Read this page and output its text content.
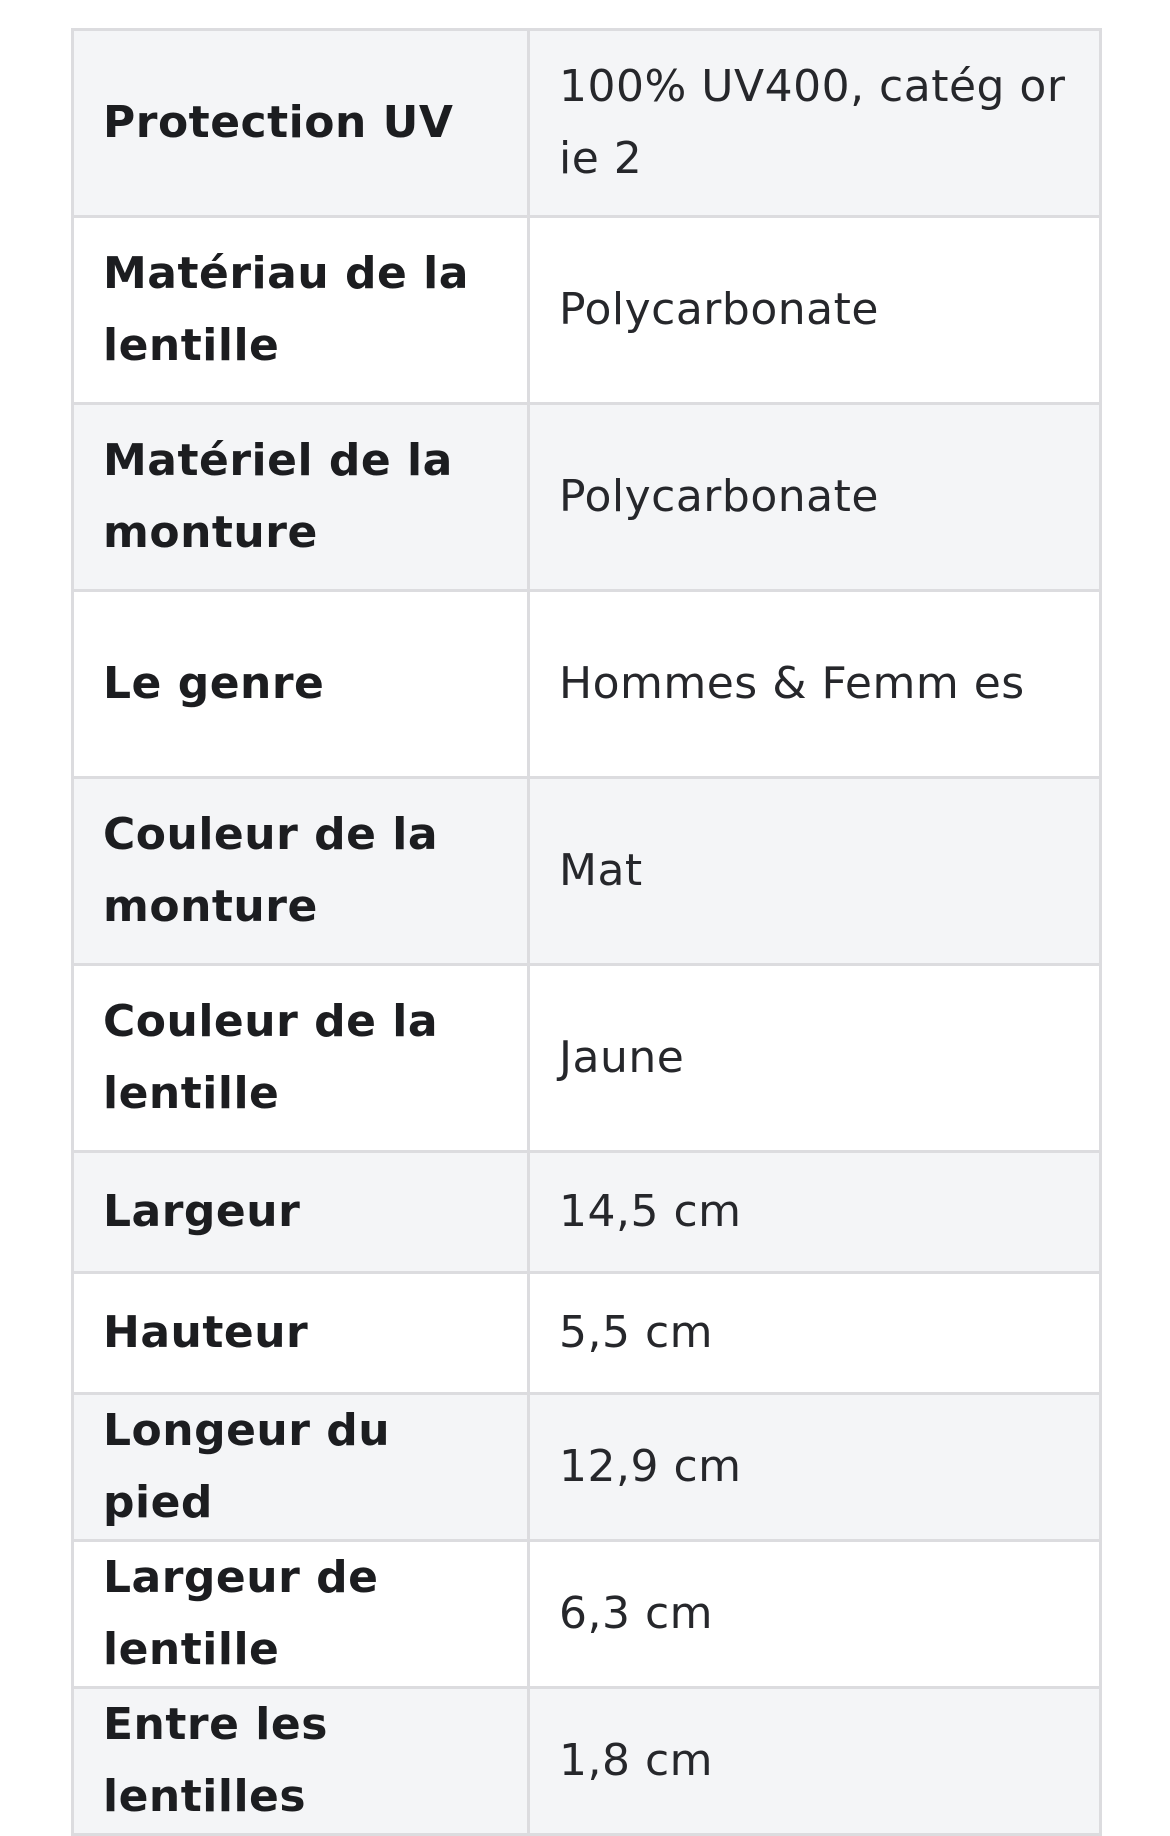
Protection UV	100% UV400, catég orie 2
Matériau de la lentille	Polycarbonate
Matériel de la monture	Polycarbonate
Le genre	Hommes & Femm es
Couleur de la monture	Mat
Couleur de la lentille	Jaune
Largeur	14,5 cm
Hauteur	5,5 cm
Longeur du pied	12,9 cm
Largeur de lentille	6,3 cm
Entre les lentilles	1,8 cm
